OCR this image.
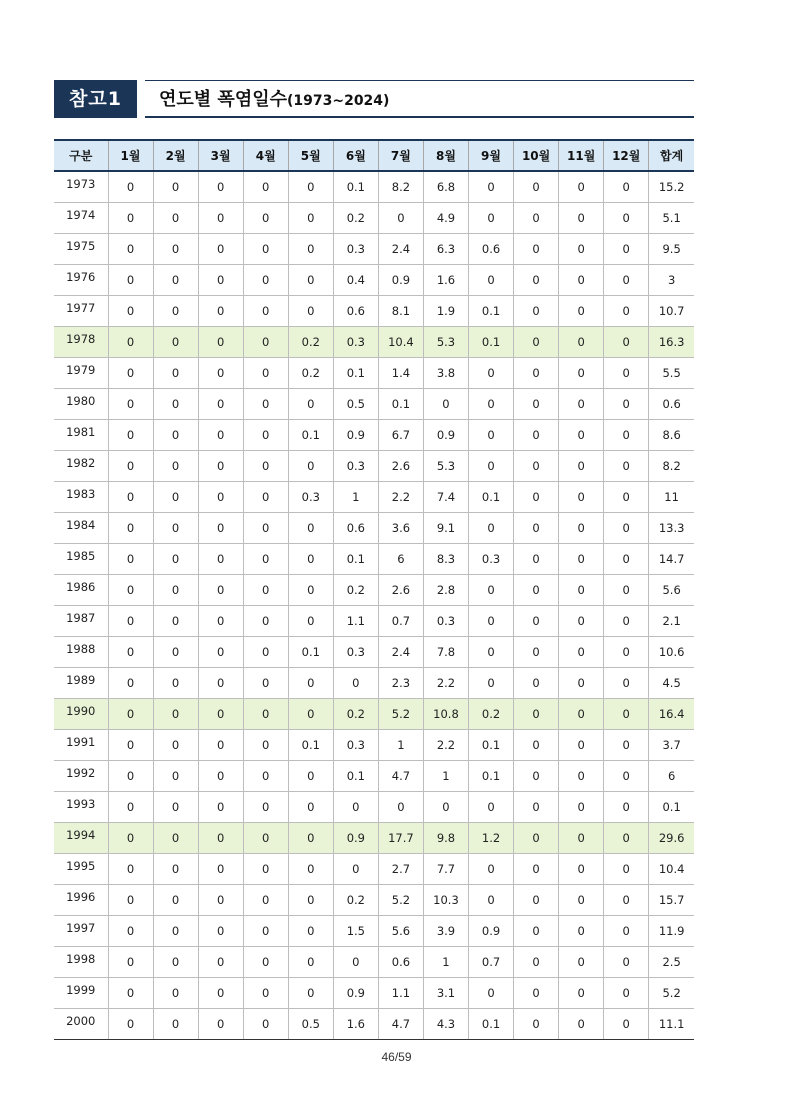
참고1	연도별 폭염일수(1973~2024)
구분	1월	2월	3월	4월	5월	6월	7월	8월	9월	10월	11월	12월	합계
1973	0	0	0	0	0	0.1	8.2	6.8	0	0	0	0	15.2
1974	0	0	0	0	0	0.2	0	4.9	0	0	0	0	5.1
1975	0	0	0	0	0	0.3	2.4	6.3	0.6	0	0	0	9.5
1976	0	0	0	0	0	0.4	0.9	1.6	0	0	0	0	3
1977	0	0	0	0	0	0.6	8.1	1.9	0.1	0	0	0	10.7
1978	0	0	0	0	0.2	0.3	10.4	5.3	0.1	0	0	0	16.3
1979	0	0	0	0	0.2	0.1	1.4	3.8	0	0	0	0	5.5
1980	0	0	0	0	0	0.5	0.1	0	0	0	0	0	0.6
1981	0	0	0	0	0.1	0.9	6.7	0.9	0	0	0	0	8.6
1982	0	0	0	0	0	0.3	2.6	5.3	0	0	0	0	8.2
1983	0	0	0	0	0.3	1	2.2	7.4	0.1	0	0	0	11
1984	0	0	0	0	0	0.6	3.6	9.1	0	0	0	0	13.3
1985	0	0	0	0	0	0.1	6	8.3	0.3	0	0	0	14.7
1986	0	0	0	0	0	0.2	2.6	2.8	0	0	0	0	5.6
1987	0	0	0	0	0	1.1	0.7	0.3	0	0	0	0	2.1
1988	0	0	0	0	0.1	0.3	2.4	7.8	0	0	0	0	10.6
1989	0	0	0	0	0	0	2.3	2.2	0	0	0	0	4.5
1990	0	0	0	0	0	0.2	5.2	10.8	0.2	0	0	0	16.4
1991	0	0	0	0	0.1	0.3	1	2.2	0.1	0	0	0	3.7
1992	0	0	0	0	0	0.1	4.7	1	0.1	0	0	0	6
1993	0	0	0	0	0	0	0	0	0	0	0	0	0.1
1994	0	0	0	0	0	0.9	17.7	9.8	1.2	0	0	0	29.6
1995	0	0	0	0	0	0	2.7	7.7	0	0	0	0	10.4
1996	0	0	0	0	0	0.2	5.2	10.3	0	0	0	0	15.7
1997	0	0	0	0	0	1.5	5.6	3.9	0.9	0	0	0	11.9
1998	0	0	0	0	0	0	0.6	1	0.7	0	0	0	2.5
1999	0	0	0	0	0	0.9	1.1	3.1	0	0	0	0	5.2
2000	0	0	0	0	0.5	1.6	4.7	4.3	0.1	0	0	0	11.1
46/59
